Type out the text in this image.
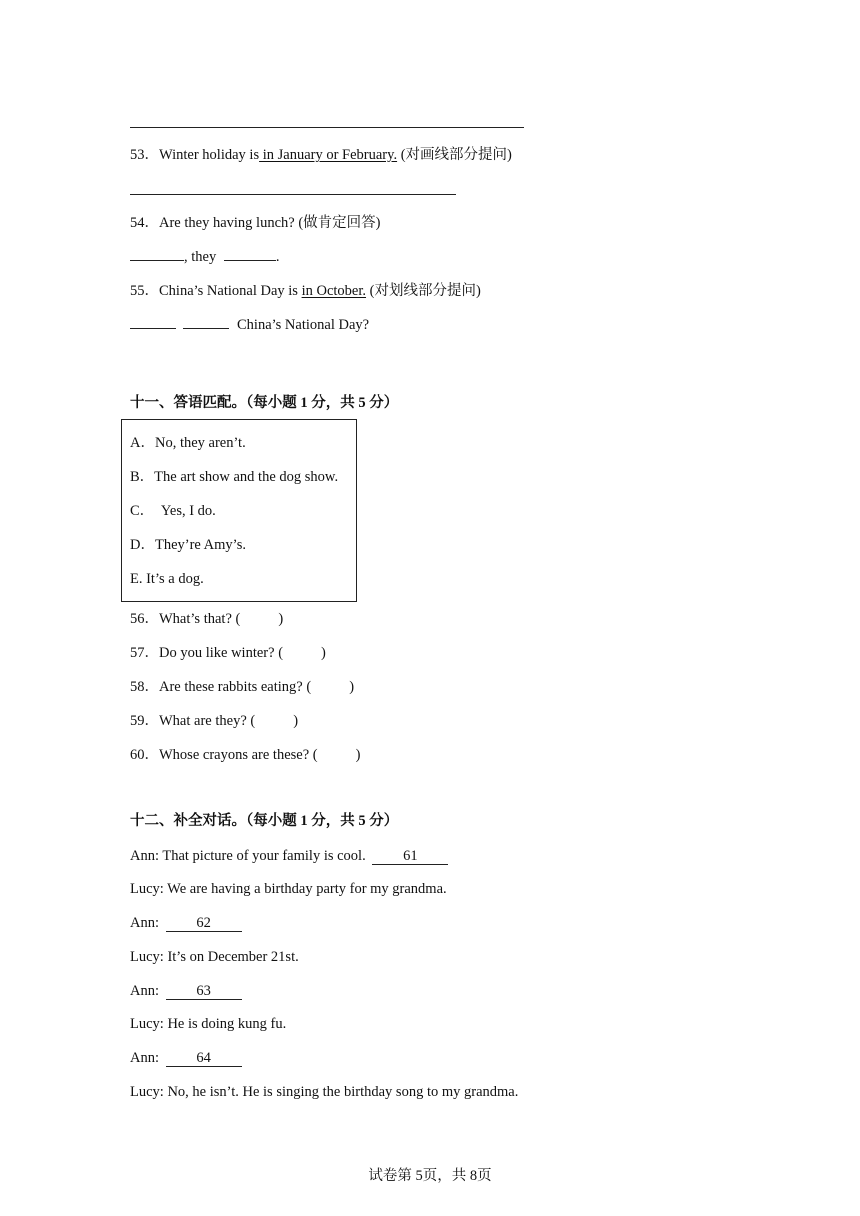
53．Winter holiday is in January or February. (对画线部分提问)
54．Are they having lunch? (做肯定回答)
, they	.
55．China’s National Day is in October. (对划线部分提问)
China’s National Day?
十一、答语匹配。（每小题 1 分，共 5 分）
A．No, they aren’t.
B．The art show and the dog show.
C．  Yes, I do.
D．They’re Amy’s.
E. It’s a dog.
56．What’s that? (	)
57．Do you like winter? (	)
58．Are these rabbits eating? (	)
59．What are they? (	)
60．Whose crayons are these? (	)
十二、补全对话。（每小题 1 分，共 5 分）
Ann: That picture of your family is cool. 61
Lucy: We are having a birthday party for my grandma.
Ann: 62
Lucy: It’s on December 21st.
Ann: 63
Lucy: He is doing kung fu.
Ann: 64
Lucy: No, he isn’t. He is singing the birthday song to my grandma.
试卷第 5页，共 8页
